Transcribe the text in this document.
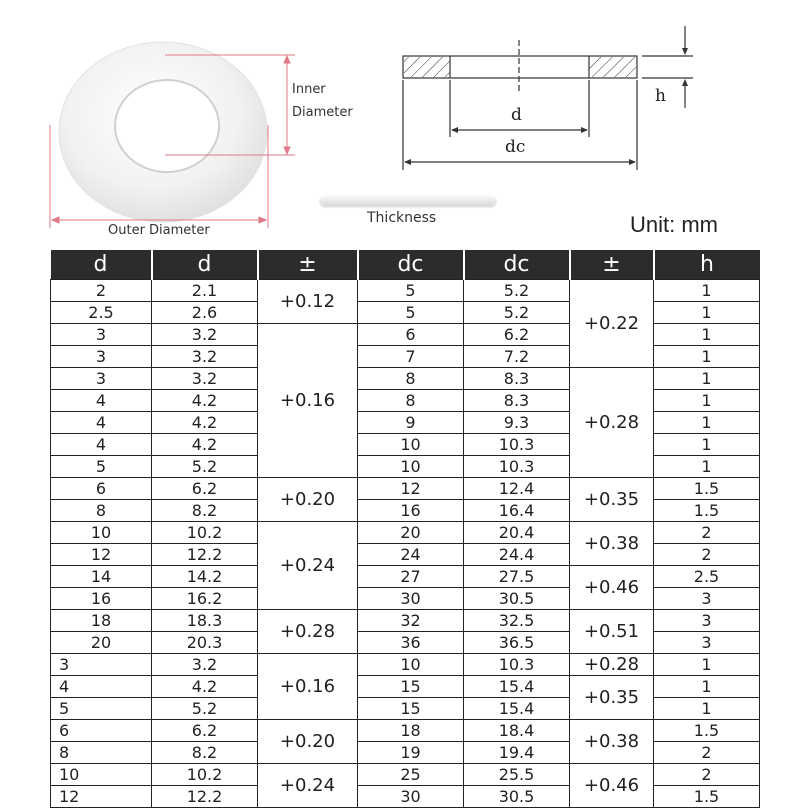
Inner
Diameter
Outer Diameter
Thickness
d
dc
h
Unit: mm
d	d	±	dc	dc	±	h
2	2.1	+0.12	5	5.2	+0.22	1
2.5	2.6		5	5.2		1
3	3.2	+0.16	6	6.2		1
3	3.2		7	7.2		1
3	3.2		8	8.3	+0.28	1
4	4.2		8	8.3		1
4	4.2		9	9.3		1
4	4.2		10	10.3		1
5	5.2		10	10.3		1
6	6.2	+0.20	12	12.4	+0.35	1.5
8	8.2		16	16.4		1.5
10	10.2	+0.24	20	20.4	+0.38	2
12	12.2		24	24.4		2
14	14.2		27	27.5	+0.46	2.5
16	16.2		30	30.5		3
18	18.3	+0.28	32	32.5	+0.51	3
20	20.3		36	36.5		3
3	3.2	+0.16	10	10.3	+0.28	1
4	4.2		15	15.4	+0.35	1
5	5.2		15	15.4		1
6	6.2	+0.20	18	18.4	+0.38	1.5
8	8.2		19	19.4		2
10	10.2	+0.24	25	25.5	+0.46	2
12	12.2		30	30.5		1.5
